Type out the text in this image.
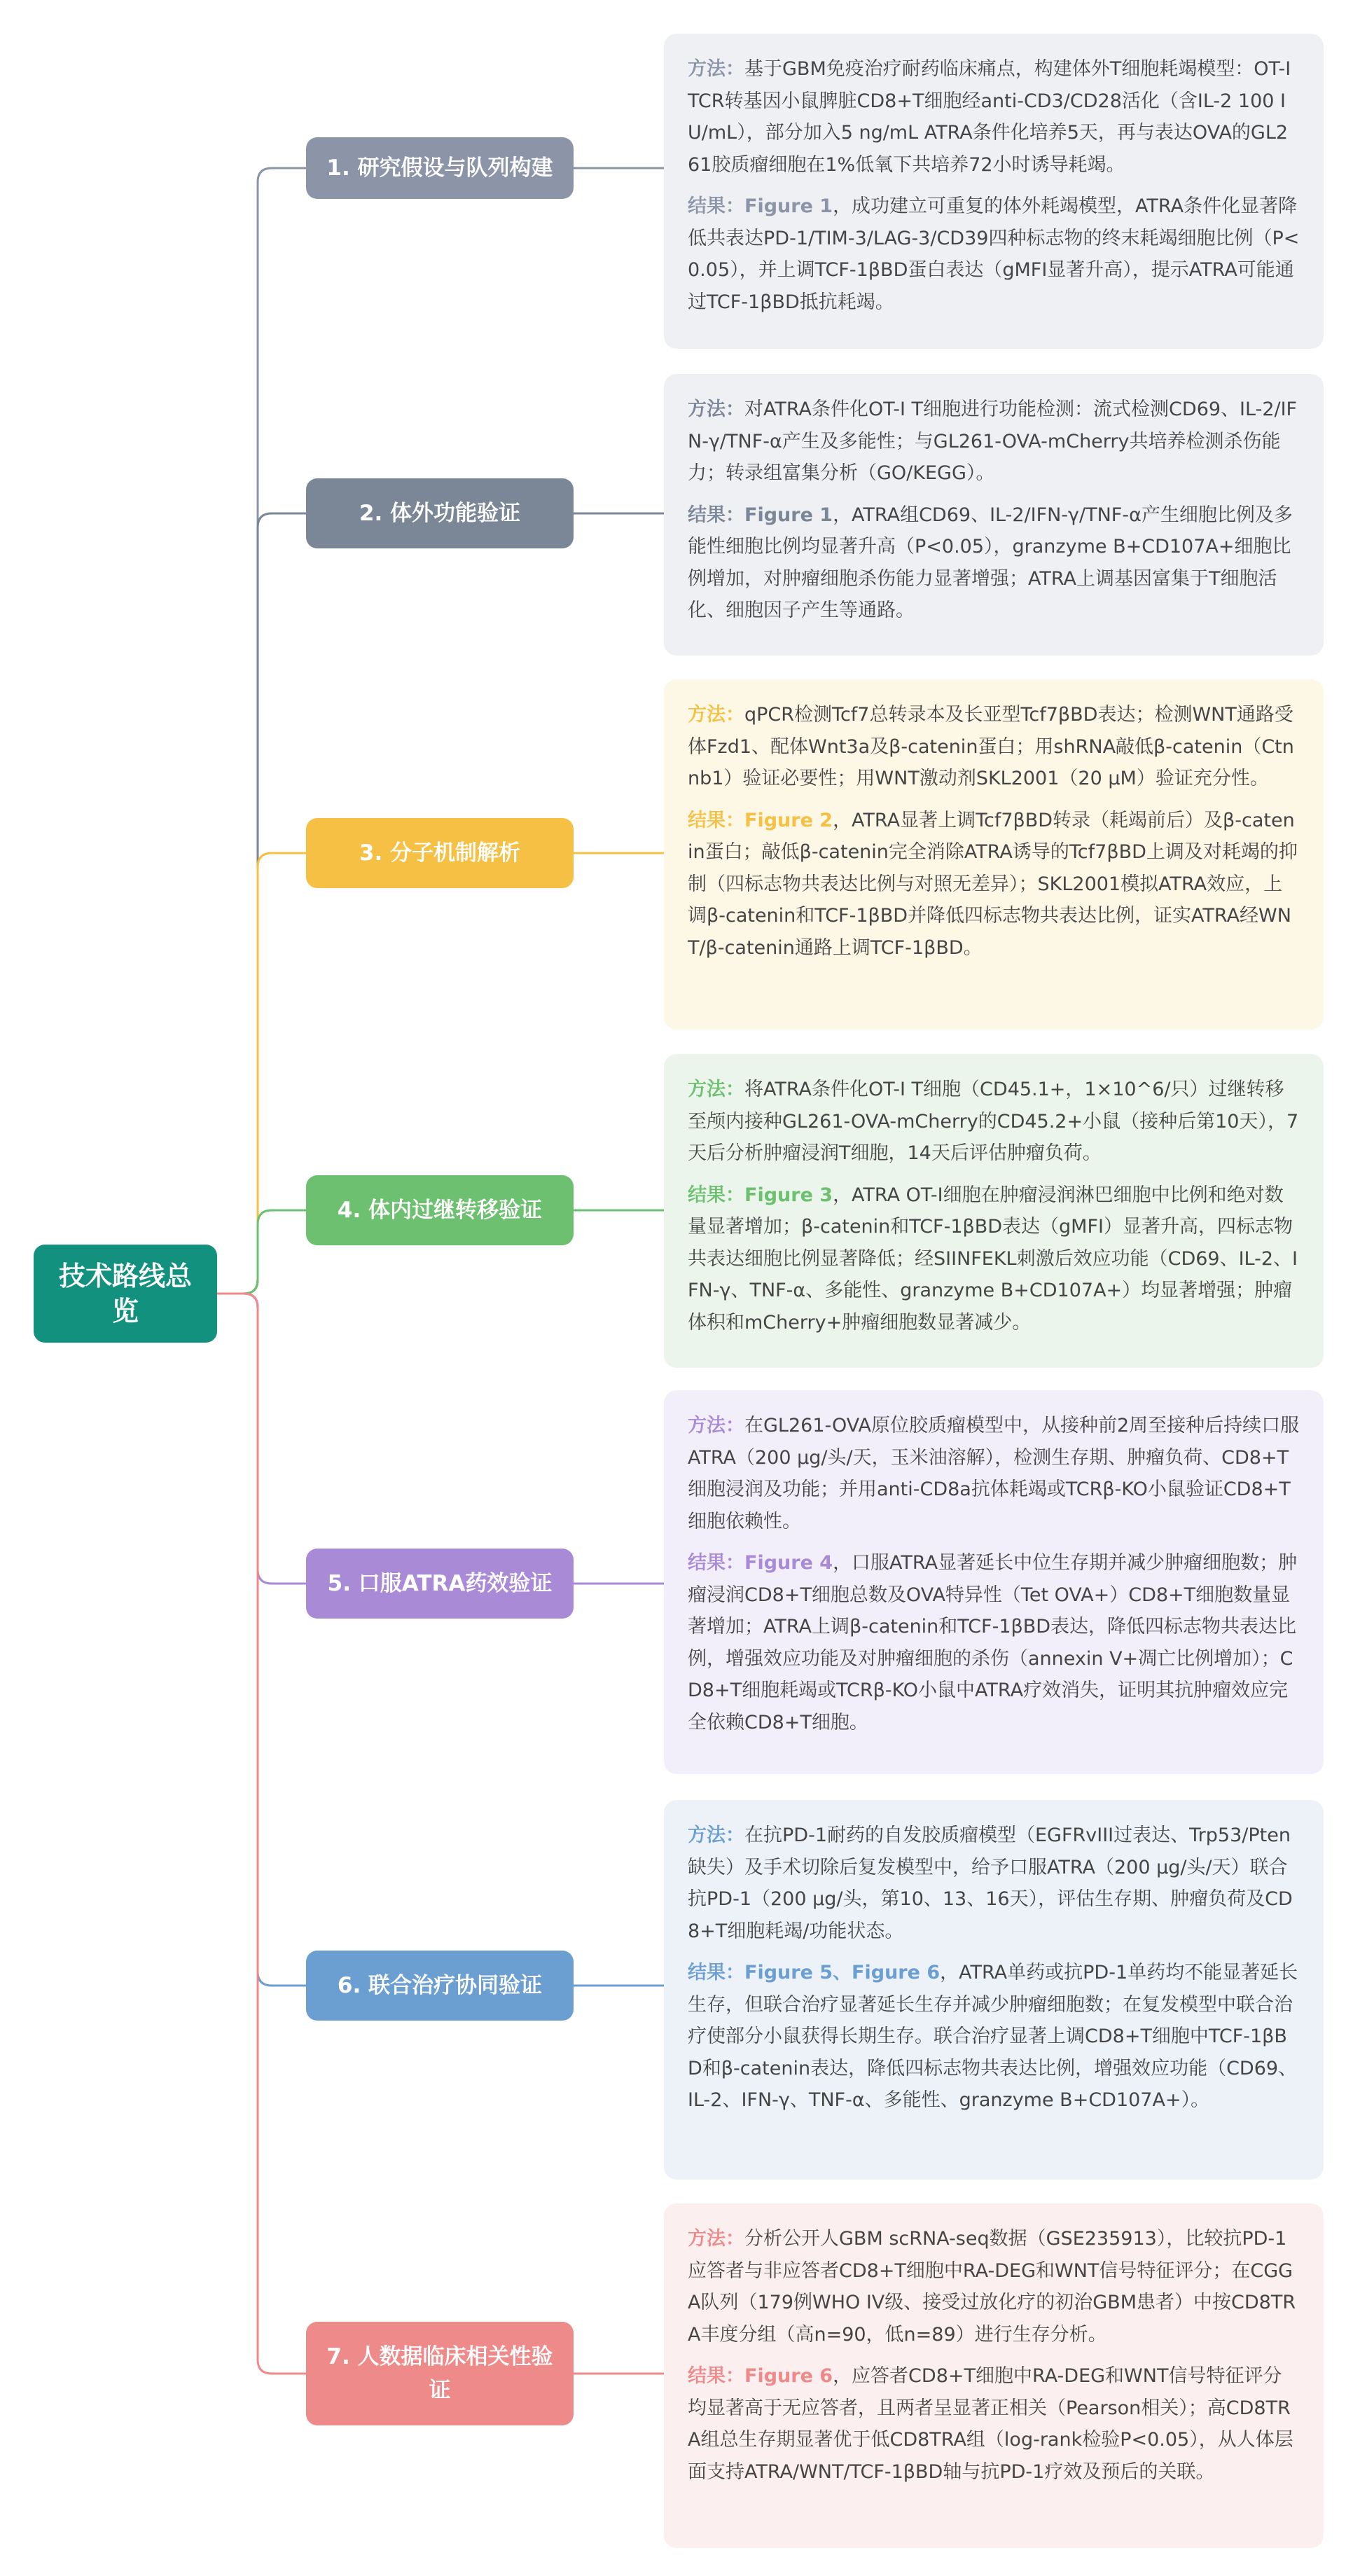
技术路线总览
1. 研究假设与队列构建

方法：基于GBM免疫治疗耐药临床痛点，构建体外T细胞耗竭模型：OT-I TCR转基因小鼠脾脏CD8+T细胞经anti-CD3/CD28活化（含IL-2 100 IU/mL），部分加入5 ng/mL ATRA条件化培养5天，再与表达OVA的GL261胶质瘤细胞在1%低氧下共培养72小时诱导耗竭。

结果：Figure 1，成功建立可重复的体外耗竭模型，ATRA条件化显著降低共表达PD-1/TIM-3/LAG-3/CD39四种标志物的终末耗竭细胞比例（P<0.05），并上调TCF-1βBD蛋白表达（gMFI显著升高），提示ATRA可能通过TCF-1βBD抵抗耗竭。

2. 体外功能验证

方法：对ATRA条件化OT-I T细胞进行功能检测：流式检测CD69、IL-2/IFN-γ/TNF-α产生及多能性；与GL261-OVA-mCherry共培养检测杀伤能力；转录组富集分析（GO/KEGG）。

结果：Figure 1，ATRA组CD69、IL-2/IFN-γ/TNF-α产生细胞比例及多能性细胞比例均显著升高（P<0.05），granzyme B+CD107A+细胞比例增加，对肿瘤细胞杀伤能力显著增强；ATRA上调基因富集于T细胞活化、细胞因子产生等通路。

3. 分子机制解析

方法：qPCR检测Tcf7总转录本及长亚型Tcf7βBD表达；检测WNT通路受体Fzd1、配体Wnt3a及β-catenin蛋白；用shRNA敲低β-catenin（Ctnnb1）验证必要性；用WNT激动剂SKL2001（20 μM）验证充分性。

结果：Figure 2，ATRA显著上调Tcf7βBD转录（耗竭前后）及β-catenin蛋白；敲低β-catenin完全消除ATRA诱导的Tcf7βBD上调及对耗竭的抑制（四标志物共表达比例与对照无差异）；SKL2001模拟ATRA效应，上调β-catenin和TCF-1βBD并降低四标志物共表达比例，证实ATRA经WNT/β-catenin通路上调TCF-1βBD。

4. 体内过继转移验证

方法：将ATRA条件化OT-I T细胞（CD45.1+，1×10^6/只）过继转移至颅内接种GL261-OVA-mCherry的CD45.2+小鼠（接种后第10天），7天后分析肿瘤浸润T细胞，14天后评估肿瘤负荷。

结果：Figure 3，ATRA OT-I细胞在肿瘤浸润淋巴细胞中比例和绝对数量显著增加；β-catenin和TCF-1βBD表达（gMFI）显著升高，四标志物共表达细胞比例显著降低；经SIINFEKL刺激后效应功能（CD69、IL-2、IFN-γ、TNF-α、多能性、granzyme B+CD107A+）均显著增强；肿瘤体积和mCherry+肿瘤细胞数显著减少。

5. 口服ATRA药效验证

方法：在GL261-OVA原位胶质瘤模型中，从接种前2周至接种后持续口服ATRA（200 μg/头/天，玉米油溶解），检测生存期、肿瘤负荷、CD8+T细胞浸润及功能；并用anti-CD8a抗体耗竭或TCRβ-KO小鼠验证CD8+T细胞依赖性。

结果：Figure 4，口服ATRA显著延长中位生存期并减少肿瘤细胞数；肿瘤浸润CD8+T细胞总数及OVA特异性（Tet OVA+）CD8+T细胞数量显著增加；ATRA上调β-catenin和TCF-1βBD表达，降低四标志物共表达比例，增强效应功能及对肿瘤细胞的杀伤（annexin V+凋亡比例增加）；CD8+T细胞耗竭或TCRβ-KO小鼠中ATRA疗效消失，证明其抗肿瘤效应完全依赖CD8+T细胞。

6. 联合治疗协同验证

方法：在抗PD-1耐药的自发胶质瘤模型（EGFRvIII过表达、Trp53/Pten缺失）及手术切除后复发模型中，给予口服ATRA（200 μg/头/天）联合抗PD-1（200 μg/头，第10、13、16天），评估生存期、肿瘤负荷及CD8+T细胞耗竭/功能状态。

结果：Figure 5、Figure 6，ATRA单药或抗PD-1单药均不能显著延长生存，但联合治疗显著延长生存并减少肿瘤细胞数；在复发模型中联合治疗使部分小鼠获得长期生存。联合治疗显著上调CD8+T细胞中TCF-1βBD和β-catenin表达，降低四标志物共表达比例，增强效应功能（CD69、IL-2、IFN-γ、TNF-α、多能性、granzyme B+CD107A+）。

7. 人数据临床相关性验证

方法：分析公开人GBM scRNA-seq数据（GSE235913），比较抗PD-1应答者与非应答者CD8+T细胞中RA-DEG和WNT信号特征评分；在CGGA队列（179例WHO IV级、接受过放化疗的初治GBM患者）中按CD8TRA丰度分组（高n=90，低n=89）进行生存分析。

结果：Figure 6，应答者CD8+T细胞中RA-DEG和WNT信号特征评分均显著高于无应答者，且两者呈显著正相关（Pearson相关）；高CD8TRA组总生存期显著优于低CD8TRA组（log-rank检验P<0.05），从人体层面支持ATRA/WNT/TCF-1βBD轴与抗PD-1疗效及预后的关联。
